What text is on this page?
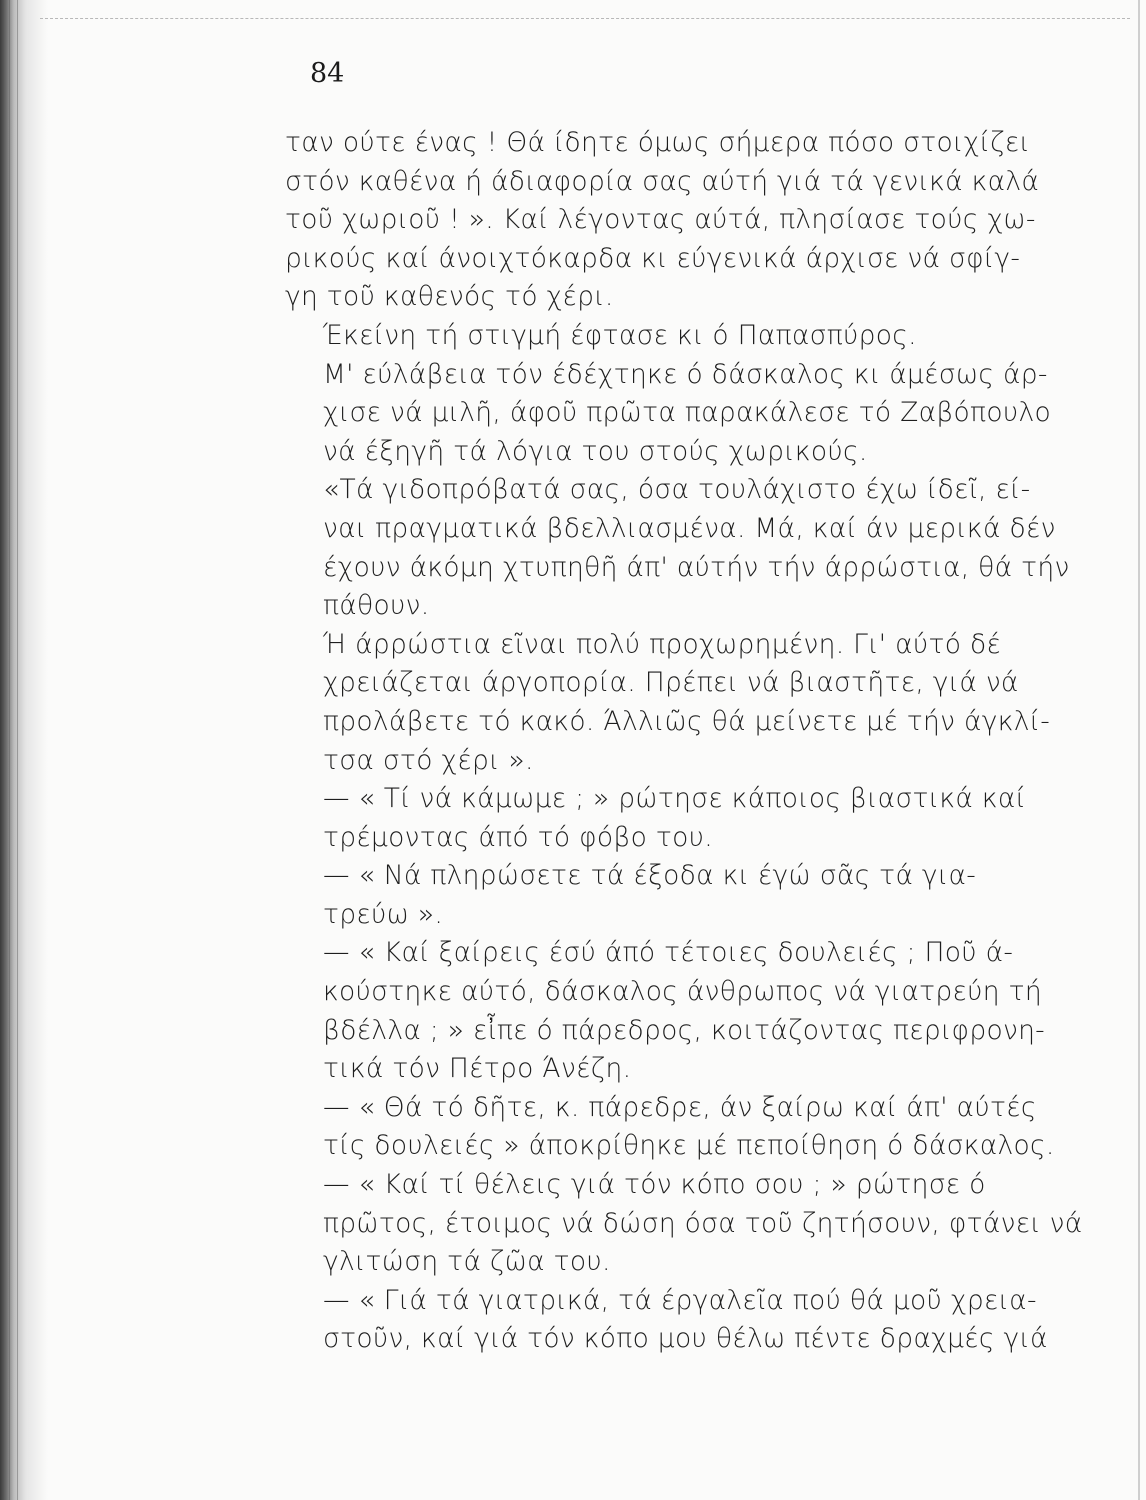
84

ταν ούτε ένας ! Θά ίδητε όμως σήμερα πόσο στοιχίζει
στόν καθένα ή άδιαφορία σας αύτή γιά τά γενικά καλά
τοῦ χωριοῦ ! ». Καί λέγοντας αύτά, πλησίασε τούς χω-
ρικούς καί άνοιχτόκαρδα κι εύγενικά άρχισε νά σφίγ-
γη τοῦ καθενός τό χέρι.

Έκείνη τή στιγμή έφτασε κι ό Παπασπύρος.

Μ' εύλάβεια τόν έδέχτηκε ό δάσκαλος κι άμέσως άρ-
χισε νά μιλῆ, άφοῦ πρῶτα παρακάλεσε τό Ζαβόπουλο
νά έξηγῆ τά λόγια του στούς χωρικούς.

«Τά γιδοπρόβατά σας, όσα τουλάχιστο έχω ίδεῖ, εί-
ναι πραγματικά βδελλιασμένα. Μά, καί άν μερικά δέν
έχουν άκόμη χτυπηθῆ άπ' αύτήν τήν άρρώστια, θά τήν
πάθουν.

Ή άρρώστια εῖναι πολύ προχωρημένη. Γι' αύτό δέ
χρειάζεται άργοπορία. Πρέπει νά βιαστῆτε, γιά νά
προλάβετε τό κακό. Άλλιῶς θά μείνετε μέ τήν άγκλί-
τσα στό χέρι ».

— « Τί νά κάμωμε ; » ρώτησε κάποιος βιαστικά καί
τρέμοντας άπό τό φόβο του.

— « Νά πληρώσετε τά έξοδα κι έγώ σᾶς τά για-
τρεύω ».

— « Καί ξαίρεις έσύ άπό τέτοιες δουλειές ; Ποῦ ά-
κούστηκε αύτό, δάσκαλος άνθρωπος νά γιατρεύη τή
βδέλλα ; » εἶπε ό πάρεδρος, κοιτάζοντας περιφρονη-
τικά τόν Πέτρο Άνέζη.

— « Θά τό δῆτε, κ. πάρεδρε, άν ξαίρω καί άπ' αύτές
τίς δουλειές » άποκρίθηκε μέ πεποίθηση ό δάσκαλος.

— « Καί τί θέλεις γιά τόν κόπο σου ; » ρώτησε ό
πρῶτος, έτοιμος νά δώση όσα τοῦ ζητήσουν, φτάνει νά
γλιτώση τά ζῶα του.

— « Γιά τά γιατρικά, τά έργαλεῖα πού θά μοῦ χρεια-
στοῦν, καί γιά τόν κόπο μου θέλω πέντε δραχμές γιά
